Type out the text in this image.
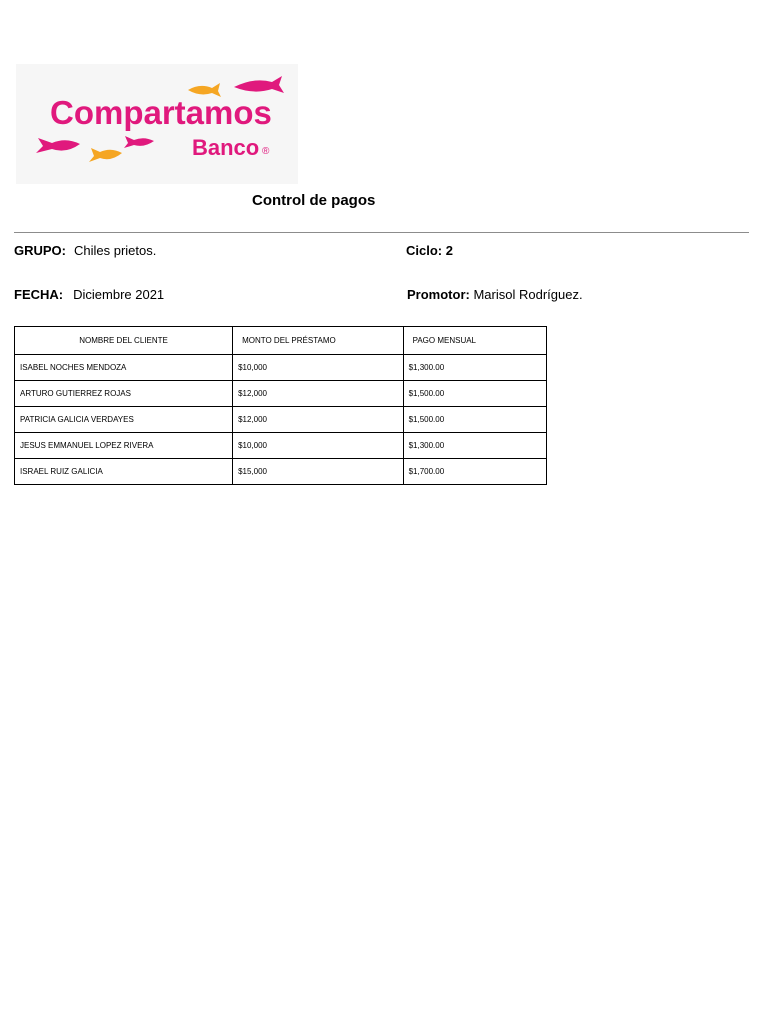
Compartamos
Banco ®
Control de pagos
GRUPO: Chiles prietos.	Ciclo: 2
FECHA: Diciembre 2021	Promotor: Marisol Rodríguez.
NOMBRE DEL CLIENTE	MONTO DEL PRÉSTAMO	PAGO MENSUAL
ISABEL NOCHES MENDOZA	$10,000	$1,300.00
ARTURO GUTIERREZ ROJAS	$12,000	$1,500.00
PATRICIA GALICIA VERDAYES	$12,000	$1,500.00
JESUS EMMANUEL LOPEZ RIVERA	$10,000	$1,300.00
ISRAEL RUIZ GALICIA	$15,000	$1,700.00
